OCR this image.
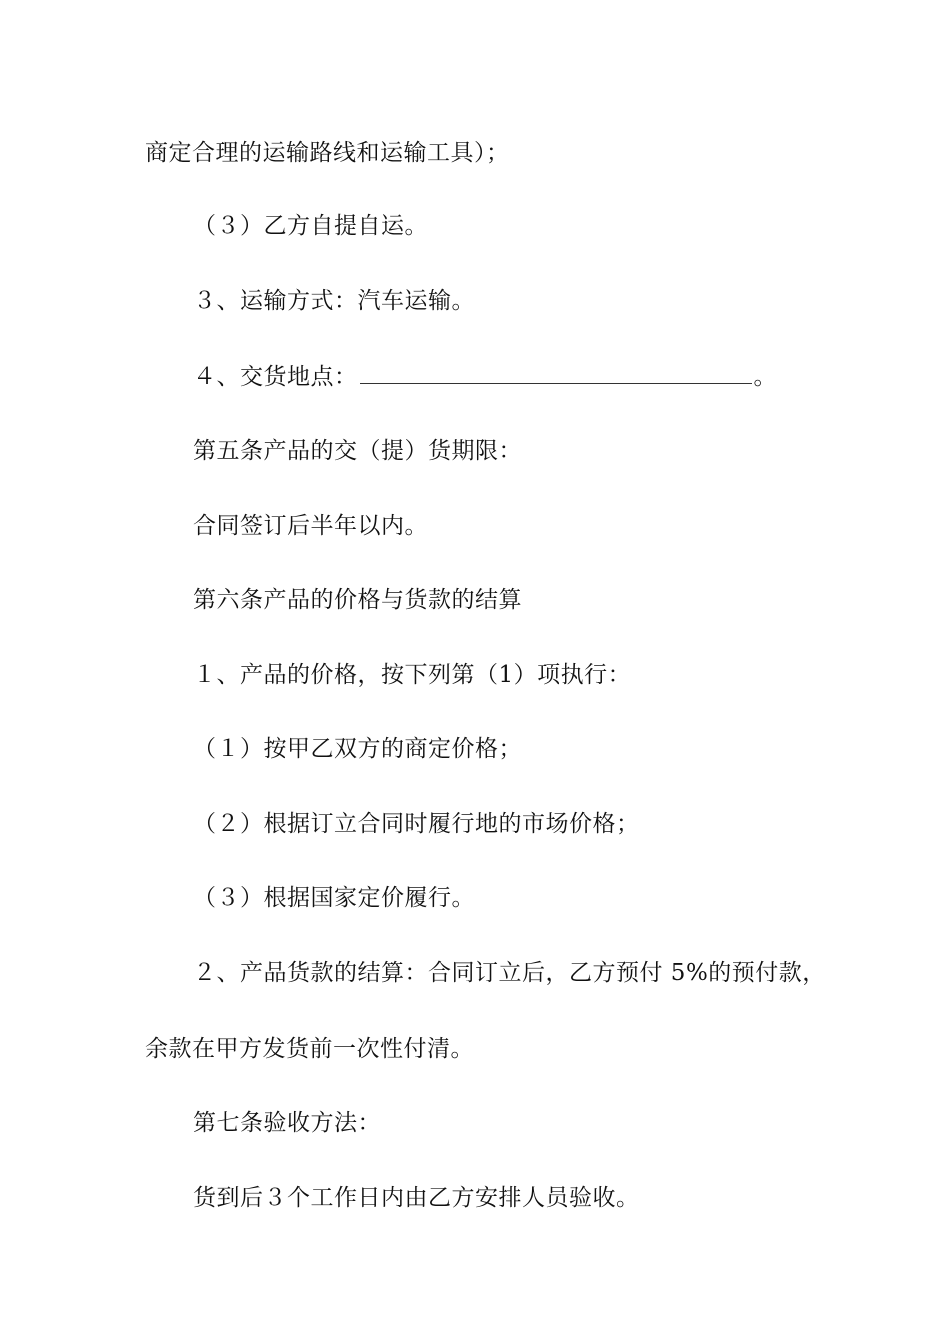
商定合理的运输路线和运输工具）；
（３）乙方自提自运。
３、运输方式：汽车运输。
４、交货地点：	。
第五条产品的交（提）货期限：
合同签订后半年以内。
第六条产品的价格与货款的结算
１、产品的价格，按下列第（1）项执行：
（１）按甲乙双方的商定价格；
（２）根据订立合同时履行地的市场价格；
（３）根据国家定价履行。
２、产品货款的结算：合同订立后，乙方预付 5%的预付款，
余款在甲方发货前一次性付清。
第七条验收方法：
货到后３个工作日内由乙方安排人员验收。
